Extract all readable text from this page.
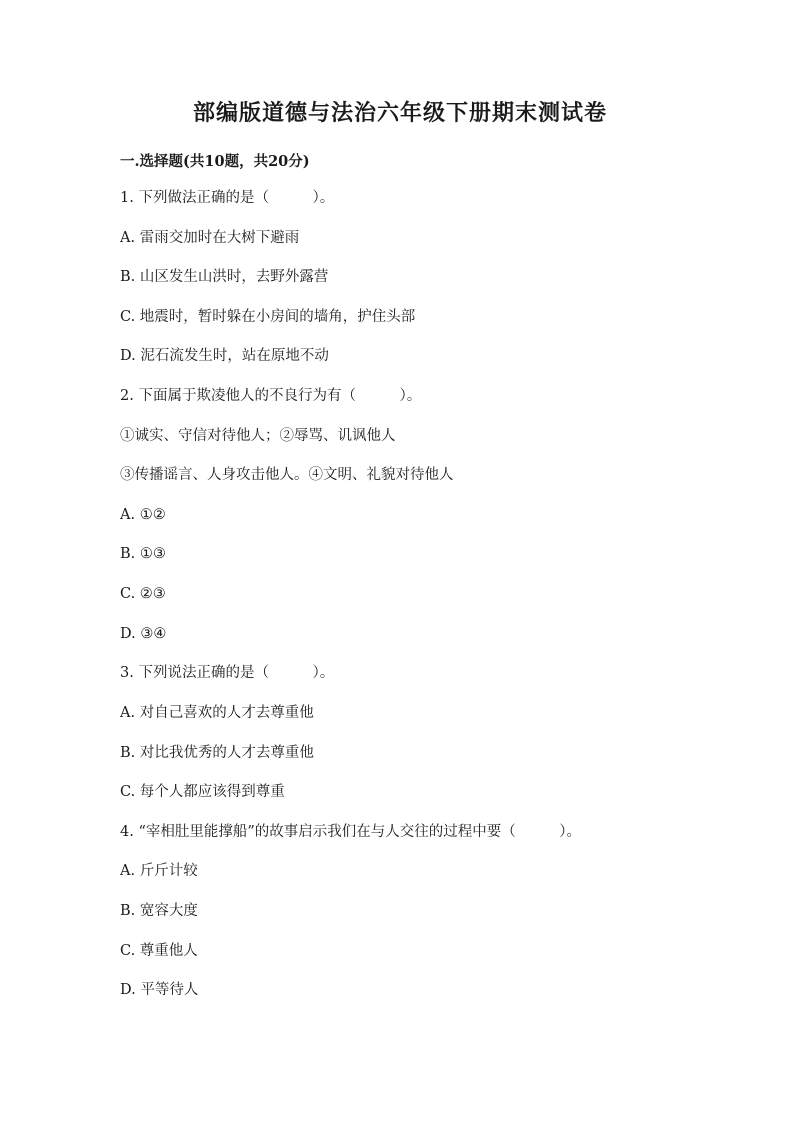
部编版道德与法治六年级下册期末测试卷
一.选择题(共10题，共20分)
1. 下列做法正确的是（　　　）。
A. 雷雨交加时在大树下避雨
B. 山区发生山洪时，去野外露营
C. 地震时，暂时躲在小房间的墙角，护住头部
D. 泥石流发生时，站在原地不动
2. 下面属于欺凌他人的不良行为有（　　　）。
①诚实、守信对待他人；②辱骂、讥讽他人
③传播谣言、人身攻击他人。④文明、礼貌对待他人
A. ①②
B. ①③
C. ②③
D. ③④
3. 下列说法正确的是（　　　）。
A. 对自己喜欢的人才去尊重他
B. 对比我优秀的人才去尊重他
C. 每个人都应该得到尊重
4. “宰相肚里能撑船”的故事启示我们在与人交往的过程中要（　　　）。
A. 斤斤计较
B. 宽容大度
C. 尊重他人
D. 平等待人
